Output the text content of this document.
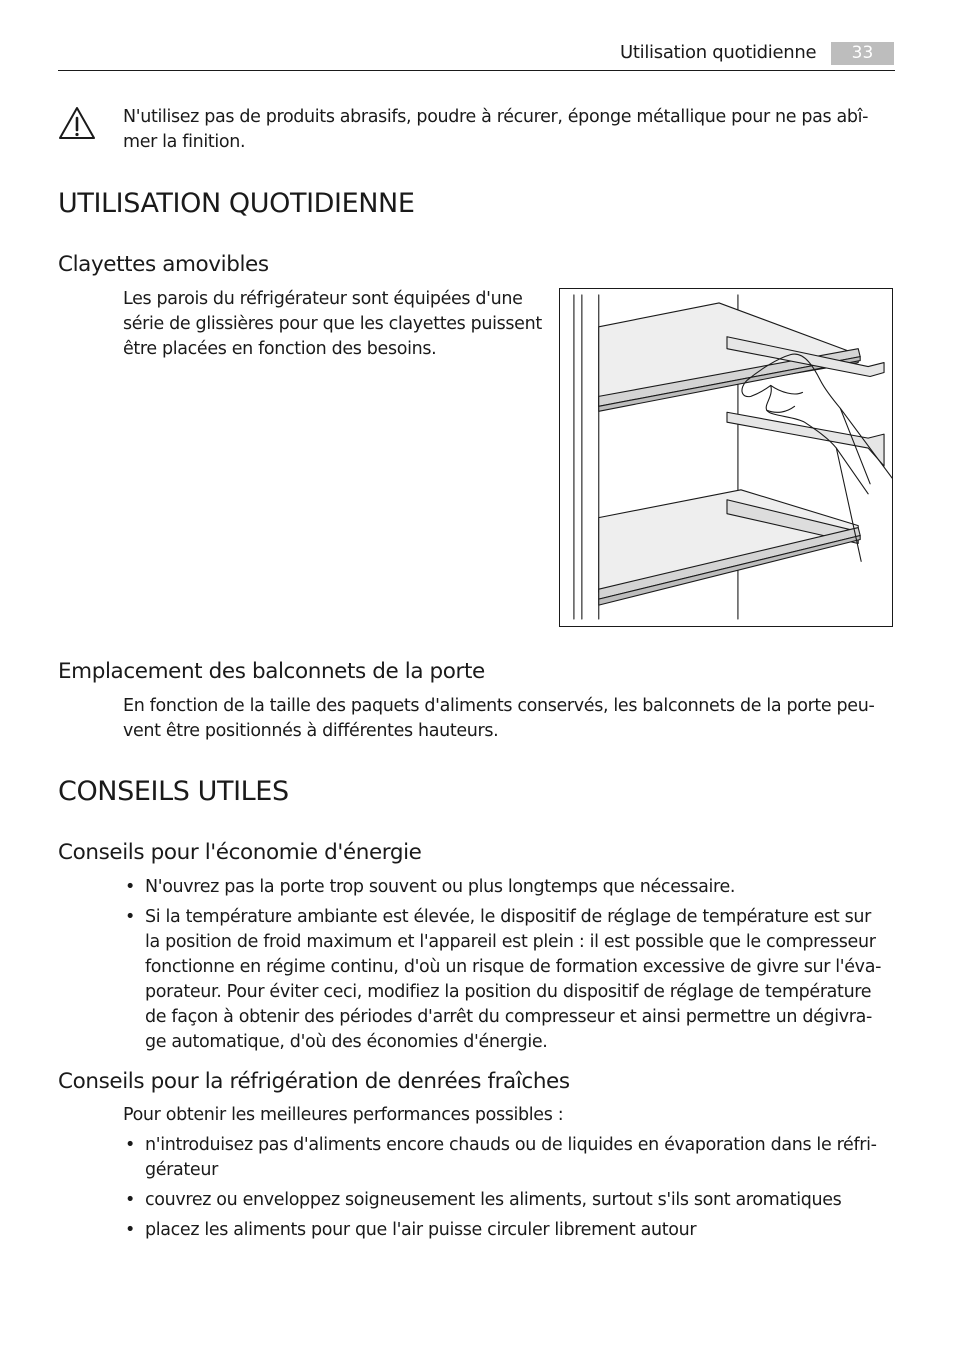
Utilisation quotidienne	33
N'utilisez pas de produits abrasifs, poudre à récurer, éponge métallique pour ne pas abî-
mer la finition.
UTILISATION QUOTIDIENNE
Clayettes amovibles
Les parois du réfrigérateur sont équipées d'une
série de glissières pour que les clayettes puissent
être placées en fonction des besoins.
Emplacement des balconnets de la porte
En fonction de la taille des paquets d'aliments conservés, les balconnets de la porte peu-
vent être positionnés à différentes hauteurs.
CONSEILS UTILES
Conseils pour l'économie d'énergie
• N'ouvrez pas la porte trop souvent ou plus longtemps que nécessaire.
• Si la température ambiante est élevée, le dispositif de réglage de température est sur
la position de froid maximum et l'appareil est plein : il est possible que le compresseur
fonctionne en régime continu, d'où un risque de formation excessive de givre sur l'éva-
porateur. Pour éviter ceci, modifiez la position du dispositif de réglage de température
de façon à obtenir des périodes d'arrêt du compresseur et ainsi permettre un dégivra-
ge automatique, d'où des économies d'énergie.
Conseils pour la réfrigération de denrées fraîches
Pour obtenir les meilleures performances possibles :
• n'introduisez pas d'aliments encore chauds ou de liquides en évaporation dans le réfri-
gérateur
• couvrez ou enveloppez soigneusement les aliments, surtout s'ils sont aromatiques
• placez les aliments pour que l'air puisse circuler librement autour
